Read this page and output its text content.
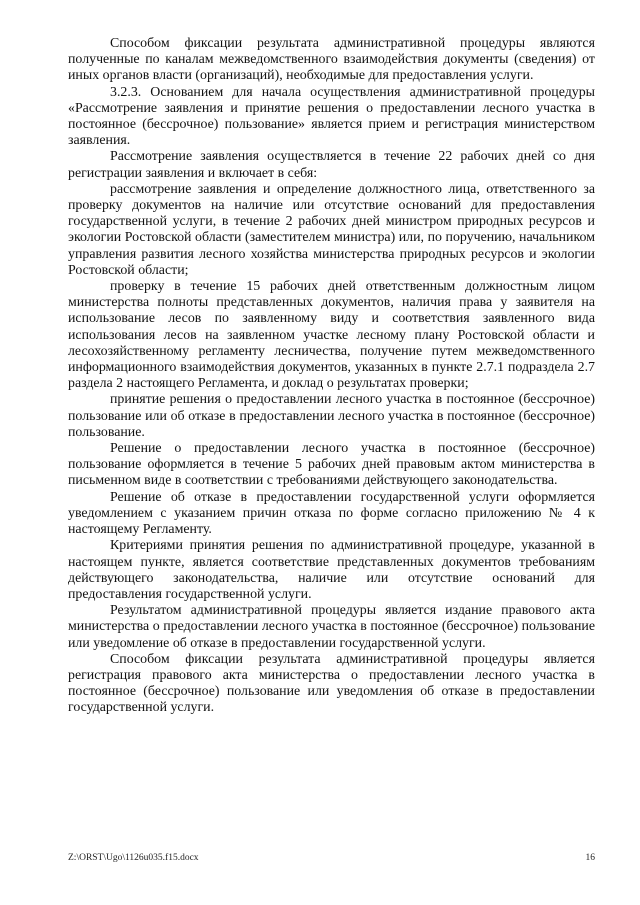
Способом фиксации результата административной процедуры являются полученные по каналам межведомственного взаимодействия документы (сведения) от иных органов власти (организаций), необходимые для предоставления услуги.

3.2.3. Основанием для начала осуществления административной процедуры «Рассмотрение заявления и принятие решения о предоставлении лесного участка в постоянное (бессрочное) пользование» является прием и регистрация министерством заявления.

Рассмотрение заявления осуществляется в течение 22 рабочих дней со дня регистрации заявления и включает в себя:

рассмотрение заявления и определение должностного лица, ответственного за проверку документов на наличие или отсутствие оснований для предоставления государственной услуги, в течение 2 рабочих дней министром природных ресурсов и экологии Ростовской области (заместителем министра) или, по поручению, начальником управления развития лесного хозяйства министерства природных ресурсов и экологии Ростовской области;

проверку в течение 15 рабочих дней ответственным должностным лицом министерства полноты представленных документов, наличия права у заявителя на использование лесов по заявленному виду и соответствия заявленного вида использования лесов на заявленном участке лесному плану Ростовской области и лесохозяйственному регламенту лесничества, получение путем межведомственного информационного взаимодействия документов, указанных в пункте 2.7.1 подраздела 2.7 раздела 2 настоящего Регламента, и доклад о результатах проверки;

принятие решения о предоставлении лесного участка в постоянное (бессрочное) пользование или об отказе в предоставлении лесного участка в постоянное (бессрочное) пользование.

Решение о предоставлении лесного участка в постоянное (бессрочное) пользование оформляется в течение 5 рабочих дней правовым актом министерства в письменном виде в соответствии с требованиями действующего законодательства.

Решение об отказе в предоставлении государственной услуги оформляется уведомлением с указанием причин отказа по форме согласно приложению № 4 к настоящему Регламенту.

Критериями принятия решения по административной процедуре, указанной в настоящем пункте, является соответствие представленных документов требованиям действующего законодательства, наличие или отсутствие оснований для предоставления государственной услуги.

Результатом административной процедуры является издание правового акта министерства о предоставлении лесного участка в постоянное (бессрочное) пользование или уведомление об отказе в предоставлении государственной услуги.

Способом фиксации результата административной процедуры является регистрация правового акта министерства о предоставлении лесного участка в постоянное (бессрочное) пользование или уведомления об отказе в предоставлении государственной услуги.

Z:\ORST\Ugo\1126u035.f15.docx	16
